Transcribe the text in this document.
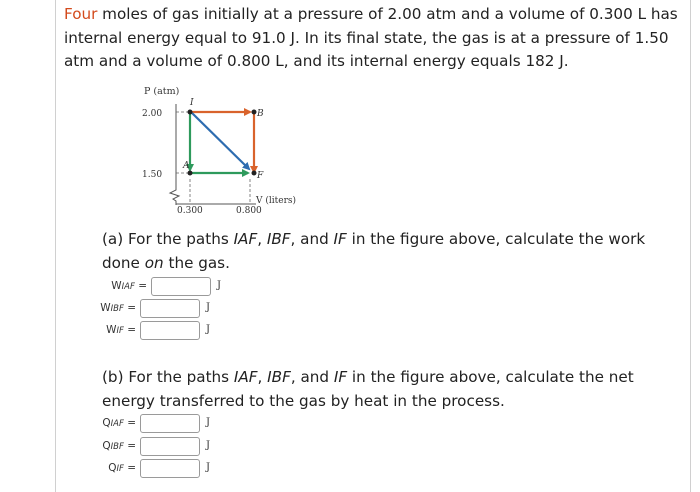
Four moles of gas initially at a pressure of 2.00 atm and a volume of 0.300 L has internal energy equal to 91.0 J. In its final state, the gas is at a pressure of 1.50 atm and a volume of 0.800 L, and its internal energy equals 182 J.
P (atm)
2.00
1.50
0.300	0.800
V (liters)
I
A
B
F
(a) For the paths IAF, IBF, and IF in the figure above, calculate the work done on the gas.
WIAF =	J
WIBF =	J
WIF =	J
(b) For the paths IAF, IBF, and IF in the figure above, calculate the net energy transferred to the gas by heat in the process.
QIAF =	J
QIBF =	J
QIF =	J
